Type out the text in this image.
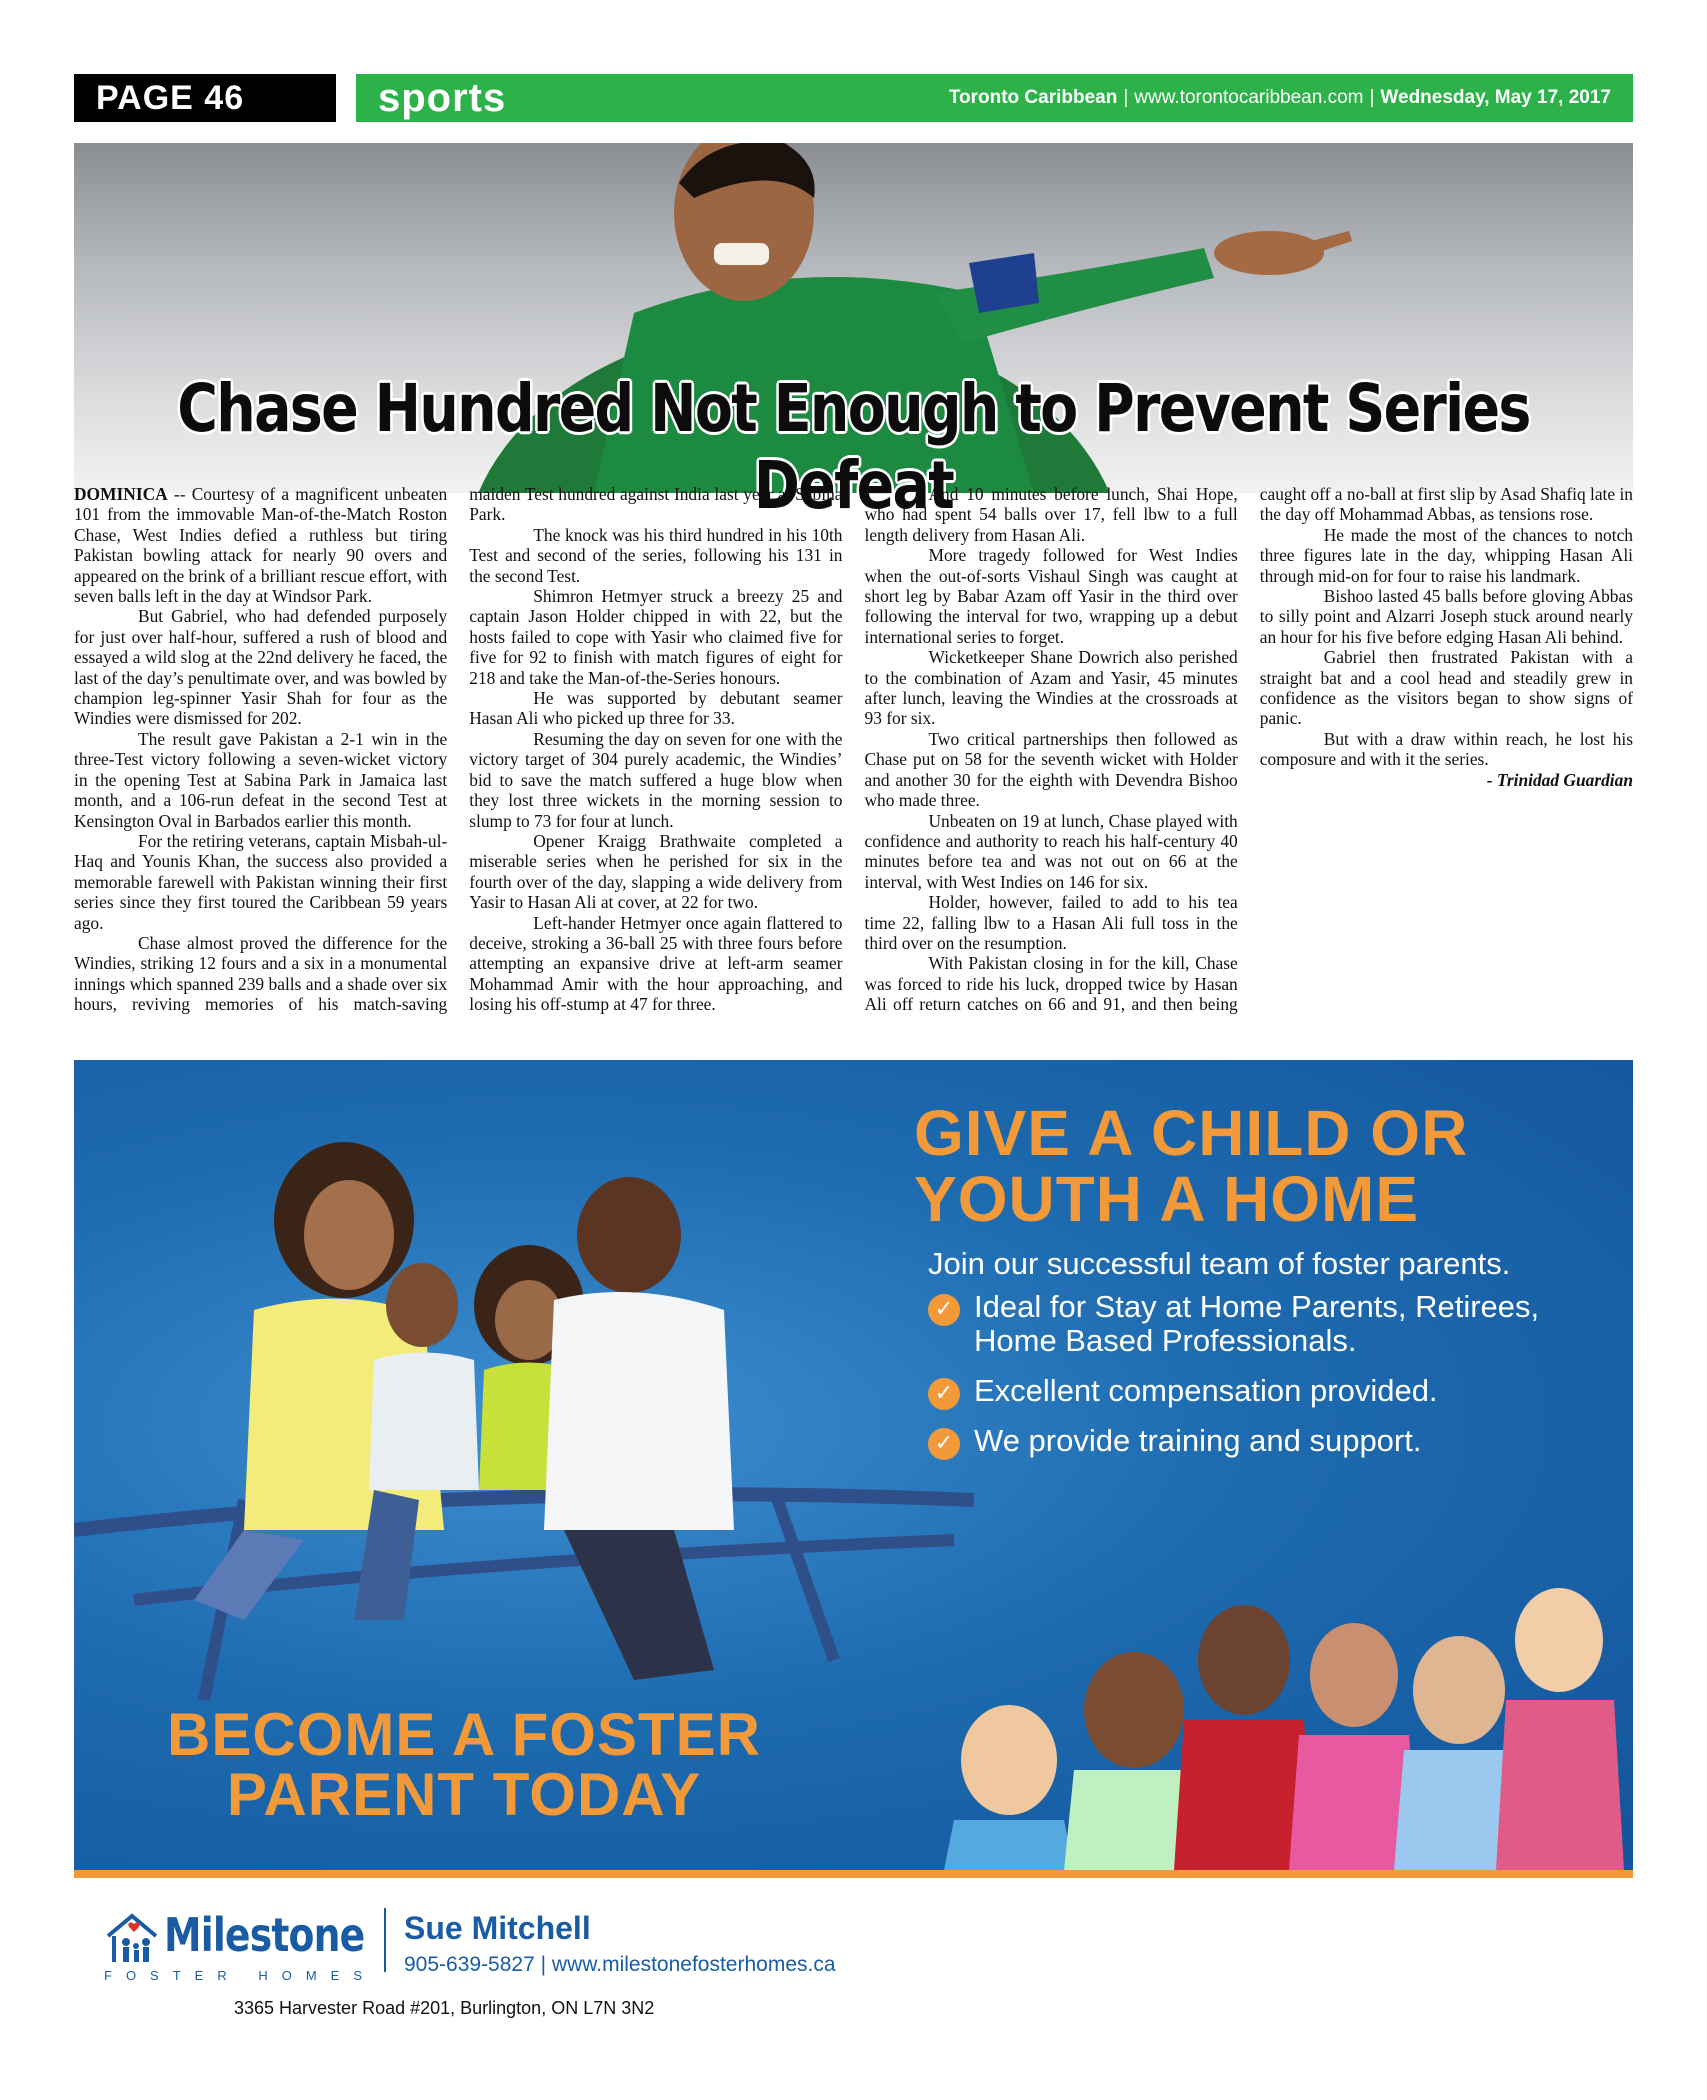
PAGE 46	sports	Toronto Caribbean | www.torontocaribbean.com | Wednesday, May 17, 2017
Chase Hundred Not Enough to Prevent Series Defeat

DOMINICA -- Courtesy of a magnificent unbeaten 101 from the immovable Man-of-the-Match Roston Chase, West Indies defied a ruthless but tiring Pakistan bowling attack for nearly 90 overs and appeared on the brink of a brilliant rescue effort, with seven balls left in the day at Windsor Park.

But Gabriel, who had defended purposely for just over half-hour, suffered a rush of blood and essayed a wild slog at the 22nd delivery he faced, the last of the day’s penultimate over, and was bowled by champion leg-spinner Yasir Shah for four as the Windies were dismissed for 202.

The result gave Pakistan a 2-1 win in the three-Test victory following a seven-wicket victory in the opening Test at Sabina Park in Jamaica last month, and a 106-run defeat in the second Test at Kensington Oval in Barbados earlier this month.

For the retiring veterans, captain Misbah-ul-Haq and Younis Khan, the success also provided a memorable farewell with Pakistan winning their first series since they first toured the Caribbean 59 years ago.

Chase almost proved the difference for the Windies, striking 12 fours and a six in a monumental innings which spanned 239 balls and a shade over six hours, reviving memories of his match-saving maiden Test hundred against India last year at Sabina Park.

The knock was his third hundred in his 10th Test and second of the series, following his 131 in the second Test.

Shimron Hetmyer struck a breezy 25 and captain Jason Holder chipped in with 22, but the hosts failed to cope with Yasir who claimed five for five for 92 to finish with match figures of eight for 218 and take the Man-of-the-Series honours.

He was supported by debutant seamer Hasan Ali who picked up three for 33.

Resuming the day on seven for one with the victory target of 304 purely academic, the Windies’ bid to save the match suffered a huge blow when they lost three wickets in the morning session to slump to 73 for four at lunch.

Opener Kraigg Brathwaite completed a miserable series when he perished for six in the fourth over of the day, slapping a wide delivery from Yasir to Hasan Ali at cover, at 22 for two.

Left-hander Hetmyer once again flattered to deceive, stroking a 36-ball 25 with three fours before attempting an expansive drive at left-arm seamer Mohammad Amir with the hour approaching, and losing his off-stump at 47 for three.

And 10 minutes before lunch, Shai Hope, who had spent 54 balls over 17, fell lbw to a full length delivery from Hasan Ali.

More tragedy followed for West Indies when the out-of-sorts Vishaul Singh was caught at short leg by Babar Azam off Yasir in the third over following the interval for two, wrapping up a debut international series to forget.

Wicketkeeper Shane Dowrich also perished to the combination of Azam and Yasir, 45 minutes after lunch, leaving the Windies at the crossroads at 93 for six.

Two critical partnerships then followed as Chase put on 58 for the seventh wicket with Holder and another 30 for the eighth with Devendra Bishoo who made three.

Unbeaten on 19 at lunch, Chase played with confidence and authority to reach his half-century 40 minutes before tea and was not out on 66 at the interval, with West Indies on 146 for six.

Holder, however, failed to add to his tea time 22, falling lbw to a Hasan Ali full toss in the third over on the resumption.

With Pakistan closing in for the kill, Chase was forced to ride his luck, dropped twice by Hasan Ali off return catches on 66 and 91, and then being caught off a no-ball at first slip by Asad Shafiq late in the day off Mohammad Abbas, as tensions rose.

He made the most of the chances to notch three figures late in the day, whipping Hasan Ali through mid-on for four to raise his landmark.

Bishoo lasted 45 balls before gloving Abbas to silly point and Alzarri Joseph stuck around nearly an hour for his five before edging Hasan Ali behind.

Gabriel then frustrated Pakistan with a straight bat and a cool head and steadily grew in confidence as the visitors began to show signs of panic.

But with a draw within reach, he lost his composure and with it the series.

- Trinidad Guardian

GIVE A CHILD OR
YOUTH A HOME
Join our successful team of foster parents.
✓ Ideal for Stay at Home Parents, Retirees, Home Based Professionals.
✓ Excellent compensation provided.
✓ We provide training and support.
BECOME A FOSTER
PARENT TODAY
Milestone
FOSTER HOMES
Sue Mitchell
905-639-5827 | www.milestonefosterhomes.ca
3365 Harvester Road #201, Burlington, ON L7N 3N2
